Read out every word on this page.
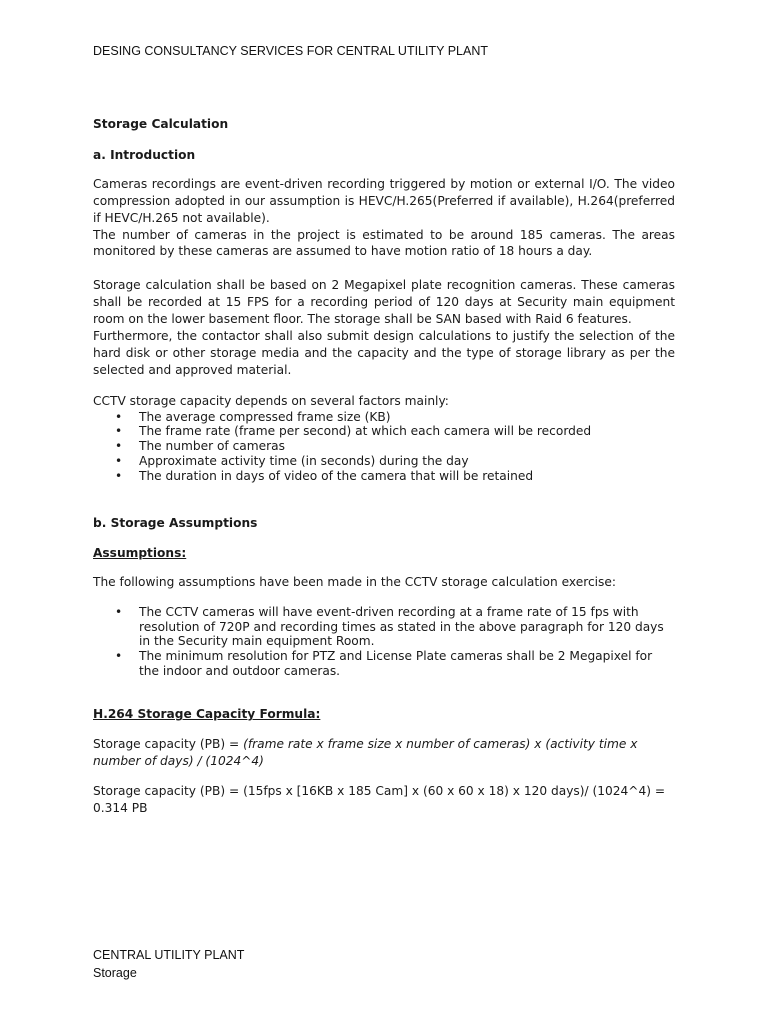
DESING CONSULTANCY SERVICES FOR CENTRAL UTILITY PLANT

Storage Calculation

a. Introduction

Cameras recordings are event-driven recording triggered by motion or external I/O. The video compression adopted in our assumption is HEVC/H.265(Preferred if available), H.264(preferred if HEVC/H.265 not available).

The number of cameras in the project is estimated to be around 185 cameras. The areas monitored by these cameras are assumed to have motion ratio of 18 hours a day.

Storage calculation shall be based on 2 Megapixel plate recognition cameras. These cameras shall be recorded at 15 FPS for a recording period of 120 days at Security main equipment room on the lower basement floor. The storage shall be SAN based with Raid 6 features.

Furthermore, the contactor shall also submit design calculations to justify the selection of the hard disk or other storage media and the capacity and the type of storage library as per the selected and approved material.

CCTV storage capacity depends on several factors mainly:

• The average compressed frame size (KB)
• The frame rate (frame per second) at which each camera will be recorded
• The number of cameras
• Approximate activity time (in seconds) during the day
• The duration in days of video of the camera that will be retained

b. Storage Assumptions

Assumptions:

The following assumptions have been made in the CCTV storage calculation exercise:

• The CCTV cameras will have event-driven recording at a frame rate of 15 fps with resolution of 720P and recording times as stated in the above paragraph for 120 days in the Security main equipment Room.
• The minimum resolution for PTZ and License Plate cameras shall be 2 Megapixel for the indoor and outdoor cameras.

H.264 Storage Capacity Formula:

Storage capacity (PB) = (frame rate x frame size x number of cameras) x (activity time x number of days) / (1024^4)

Storage capacity (PB) = (15fps x [16KB x 185 Cam] x (60 x 60 x 18) x 120 days)/ (1024^4) = 0.314 PB

CENTRAL UTILITY PLANT
Storage
